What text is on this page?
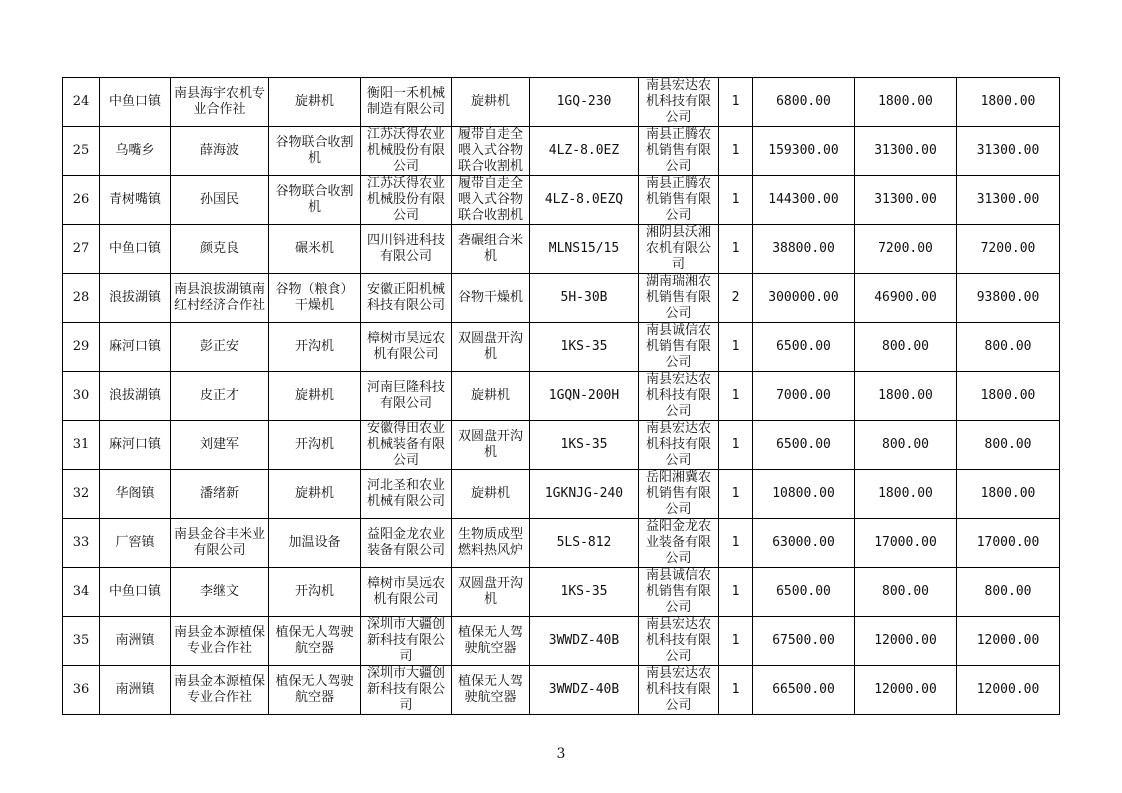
24	中鱼口镇	南县海宇农机专业合作社	旋耕机	衡阳一禾机械制造有限公司	旋耕机	1GQ-230	南县宏达农机科技有限公司	1	6800.00	1800.00	1800.00

25	乌嘴乡	薛海波	谷物联合收割机	江苏沃得农业机械股份有限公司	履带自走全喂入式谷物联合收割机	4LZ-8.0EZ	南县正腾农机销售有限公司	1	159300.00	31300.00	31300.00

26	青树嘴镇	孙国民	谷物联合收割机	江苏沃得农业机械股份有限公司	履带自走全喂入式谷物联合收割机	4LZ-8.0EZQ	南县正腾农机销售有限公司	1	144300.00	31300.00	31300.00

27	中鱼口镇	颜克良	碾米机	四川钭进科技有限公司	砻碾组合米机	MLNS15/15	湘阴县沃湘农机有限公司	1	38800.00	7200.00	7200.00

28	浪拔湖镇	南县浪拔湖镇南红村经济合作社	谷物（粮食）干燥机	安徽正阳机械科技有限公司	谷物干燥机	5H-30B	湖南瑞湘农机销售有限公司	2	300000.00	46900.00	93800.00

29	麻河口镇	彭正安	开沟机	樟树市昊远农机有限公司	双圆盘开沟机	1KS-35	南县诚信农机销售有限公司	1	6500.00	800.00	800.00

30	浪拔湖镇	皮正才	旋耕机	河南巨隆科技有限公司	旋耕机	1GQN-200H	南县宏达农机科技有限公司	1	7000.00	1800.00	1800.00

31	麻河口镇	刘建军	开沟机	安徽得田农业机械装备有限公司	双圆盘开沟机	1KS-35	南县宏达农机科技有限公司	1	6500.00	800.00	800.00

32	华阁镇	潘绪新	旋耕机	河北圣和农业机械有限公司	旋耕机	1GKNJG-240	岳阳湘冀农机销售有限公司	1	10800.00	1800.00	1800.00

33	厂窖镇	南县金谷丰米业有限公司	加温设备	益阳金龙农业装备有限公司	生物质成型燃料热风炉	5LS-812	益阳金龙农业装备有限公司	1	63000.00	17000.00	17000.00

34	中鱼口镇	李继文	开沟机	樟树市昊远农机有限公司	双圆盘开沟机	1KS-35	南县诚信农机销售有限公司	1	6500.00	800.00	800.00

35	南洲镇	南县金本源植保专业合作社	植保无人驾驶航空器	深圳市大疆创新科技有限公司	植保无人驾驶航空器	3WWDZ-40B	南县宏达农机科技有限公司	1	67500.00	12000.00	12000.00

36	南洲镇	南县金本源植保专业合作社	植保无人驾驶航空器	深圳市大疆创新科技有限公司	植保无人驾驶航空器	3WWDZ-40B	南县宏达农机科技有限公司	1	66500.00	12000.00	12000.00
3
